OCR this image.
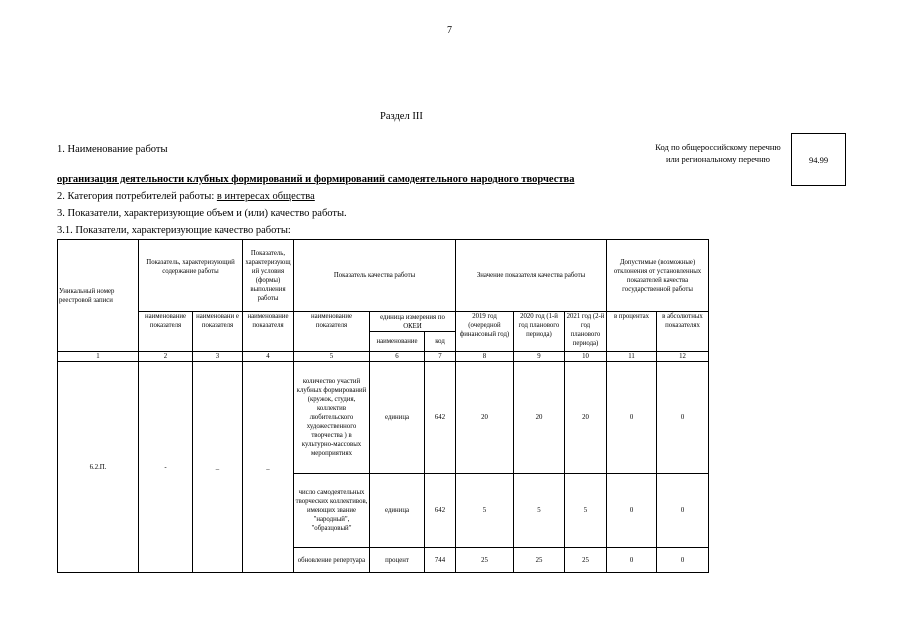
7
Раздел III
1. Наименование работы	Код по общероссийскому перечню или региональному перечню	94.99
организация деятельности клубных формирований и формирований самодеятельного народного творчества
2. Категория потребителей работы: в интересах общества
3. Показатели, характеризующие объем и (или) качество работы.
3.1. Показатели, характеризующие качество работы:
Уникальный номер реестровой записи	Показатель, характеризующий содержание работы		Показатель, характеризующий условия (формы) выполнения работы	Показатель качества работы			Значение показателя качества работы			Допустимые (возможные) отклонения от установленных показателей качества государственной работы	
	наименование показателя	наименовани е показателя	наименование показателя	наименование показателя	единица измерения по ОКЕИ		2019 год (очередной финансовый год)	2020 год (1-й год планового периода)	2021 год (2-й год планового периода)	в процентах	в абсолютных показателях
					наименование	код					
1	2	3	4	5	6	7	8	9	10	11	12
6.2.П.	-	_	_	количество участий клубных формирований (кружок, студия, коллектив любительского художественного творчества ) в культурно-массовых мероприятиях	единица	642	20	20	20	0	0
				число самодеятельных творческих коллективов, имеющих звание "народный", "образцовый"	единица	642	5	5	5	0	0
				обновление репертуара	процент	744	25	25	25	0	0
